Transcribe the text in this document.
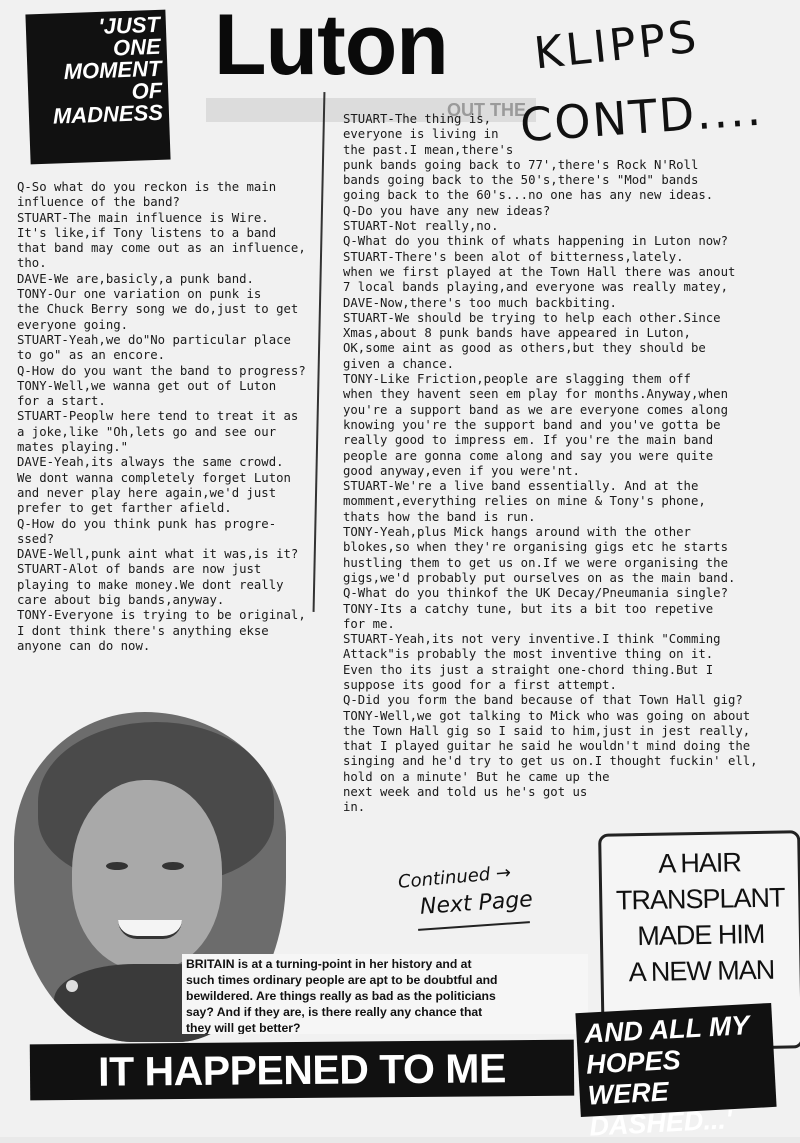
'JUST
ONE
MOMENT
OF
MADNESS
Luton
OUT THE
KLIPPS
CONTD....
Q-So what do you reckon is the main
influence of the band?
STUART-The main influence is Wire.
It's like,if Tony listens to a band
that band may come out as an influence,
tho.
DAVE-We are,basicly,a punk band.
TONY-Our one variation on punk is
the Chuck Berry song we do,just to get
everyone going.
STUART-Yeah,we do"No particular place
to go" as an encore.
Q-How do you want the band to progress?
TONY-Well,we wanna get out of Luton
for a start.
STUART-Peoplw here tend to treat it as
a joke,like "Oh,lets go and see our
mates playing."
DAVE-Yeah,its always the same crowd.
We dont wanna completely forget Luton
and never play here again,we'd just
prefer to get farther afield.
Q-How do you think punk has progre-
ssed?
DAVE-Well,punk aint what it was,is it?
STUART-Alot of bands are now just
playing to make money.We dont really
care about big bands,anyway.
TONY-Everyone is trying to be original,
I dont think there's anything ekse
anyone can do now.
STUART-The thing is,
everyone is living in
the past.I mean,there's
punk bands going back to 77',there's Rock N'Roll
bands going back to the 50's,there's "Mod" bands
going back to the 60's...no one has any new ideas.
Q-Do you have any new ideas?
STUART-Not really,no.
Q-What do you think of whats happening in Luton now?
STUART-There's been alot of bitterness,lately.
when we first played at the Town Hall there was anout
7 local bands playing,and everyone was really matey,
DAVE-Now,there's too much backbiting.
STUART-We should be trying to help each other.Since
Xmas,about 8 punk bands have appeared in Luton,
OK,some aint as good as others,but they should be
given a chance.
TONY-Like Friction,people are slagging them off
when they havent seen em play for months.Anyway,when
you're a support band as we are everyone comes along
knowing you're the support band and you've gotta be
really good to impress em. If you're the main band
people are gonna come along and say you were quite
good anyway,even if you were'nt.
STUART-We're a live band essentially. And at the
momment,everything relies on mine & Tony's phone,
thats how the band is run.
TONY-Yeah,plus Mick hangs around with the other
blokes,so when they're organising gigs etc he starts
hustling them to get us on.If we were organising the
gigs,we'd probably put ourselves on as the main band.
Q-What do you thinkof the UK Decay/Pneumania single?
TONY-Its a catchy tune, but its a bit too repetive
for me.
STUART-Yeah,its not very inventive.I think "Comming
Attack"is probably the most inventive thing on it.
Even tho its just a straight one-chord thing.But I
suppose its good for a first attempt.
Q-Did you form the band because of that Town Hall gig?
TONY-Well,we got talking to Mick who was going on about
the Town Hall gig so I said to him,just in jest really,
that I played guitar he said he wouldn't mind doing the
singing and he'd try to get us on.I thought fuckin' ell,
hold on a minute' But he came up the
next week and told us he's got us
in.
Continued →
Next Page
BRITAIN is at a turning-point in her history and at
such times ordinary people are apt to be doubtful and
bewildered. Are things really as bad as the politicians
say? And if they are, is there really any chance that
they will get better?
A HAIR
TRANSPLANT
MADE HIM
A NEW MAN
AND ALL MY
HOPES WERE
DASHED...'
IT HAPPENED TO ME
